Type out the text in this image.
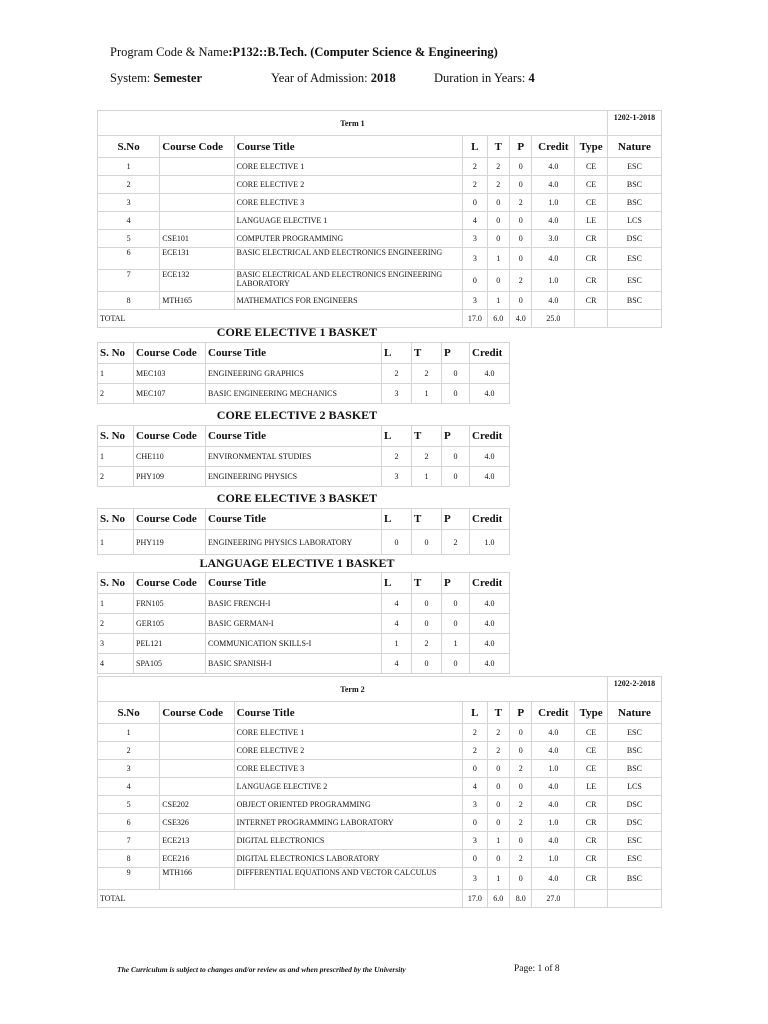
Program Code & Name:P132::B.Tech. (Computer Science & Engineering)
System: Semester	Year of Admission: 2018	Duration in Years: 4
Term 1								1202-1-2018
S.No	Course Code	Course Title	L	T	P	Credit	Type	Nature
1		CORE ELECTIVE 1	2	2	0	4.0	CE	ESC
2		CORE ELECTIVE 2	2	2	0	4.0	CE	BSC
3		CORE ELECTIVE 3	0	0	2	1.0	CE	BSC
4		LANGUAGE ELECTIVE 1	4	0	0	4.0	LE	LCS
5	CSE101	COMPUTER PROGRAMMING	3	0	0	3.0	CR	DSC
6	ECE131	BASIC ELECTRICAL AND ELECTRONICS ENGINEERING	3	1	0	4.0	CR	ESC
7	ECE132	BASIC ELECTRICAL AND ELECTRONICS ENGINEERING LABORATORY	0	0	2	1.0	CR	ESC
8	MTH165	MATHEMATICS FOR ENGINEERS	3	1	0	4.0	CR	BSC
TOTAL			17.0	6.0	4.0	25.0		
CORE ELECTIVE 1 BASKET
S. No	Course Code	Course Title	L	T	P	Credit
1	MEC103	ENGINEERING GRAPHICS	2	2	0	4.0
2	MEC107	BASIC ENGINEERING MECHANICS	3	1	0	4.0
CORE ELECTIVE 2 BASKET
S. No	Course Code	Course Title	L	T	P	Credit
1	CHE110	ENVIRONMENTAL STUDIES	2	2	0	4.0
2	PHY109	ENGINEERING PHYSICS	3	1	0	4.0
CORE ELECTIVE 3 BASKET
S. No	Course Code	Course Title	L	T	P	Credit
1	PHY119	ENGINEERING PHYSICS LABORATORY	0	0	2	1.0
LANGUAGE ELECTIVE 1 BASKET
S. No	Course Code	Course Title	L	T	P	Credit
1	FRN105	BASIC FRENCH-I	4	0	0	4.0
2	GER105	BASIC GERMAN-I	4	0	0	4.0
3	PEL121	COMMUNICATION SKILLS-I	1	2	1	4.0
4	SPA105	BASIC SPANISH-I	4	0	0	4.0
Term 2								1202-2-2018
S.No	Course Code	Course Title	L	T	P	Credit	Type	Nature
1		CORE ELECTIVE 1	2	2	0	4.0	CE	ESC
2		CORE ELECTIVE 2	2	2	0	4.0	CE	BSC
3		CORE ELECTIVE 3	0	0	2	1.0	CE	BSC
4		LANGUAGE ELECTIVE 2	4	0	0	4.0	LE	LCS
5	CSE202	OBJECT ORIENTED PROGRAMMING	3	0	2	4.0	CR	DSC
6	CSE326	INTERNET PROGRAMMING LABORATORY	0	0	2	1.0	CR	DSC
7	ECE213	DIGITAL ELECTRONICS	3	1	0	4.0	CR	ESC
8	ECE216	DIGITAL ELECTRONICS LABORATORY	0	0	2	1.0	CR	ESC
9	MTH166	DIFFERENTIAL EQUATIONS AND VECTOR CALCULUS	3	1	0	4.0	CR	BSC
TOTAL			17.0	6.0	8.0	27.0		
The Curriculum is subject to changes and/or review as and when prescribed by the University	Page: 1 of 8
